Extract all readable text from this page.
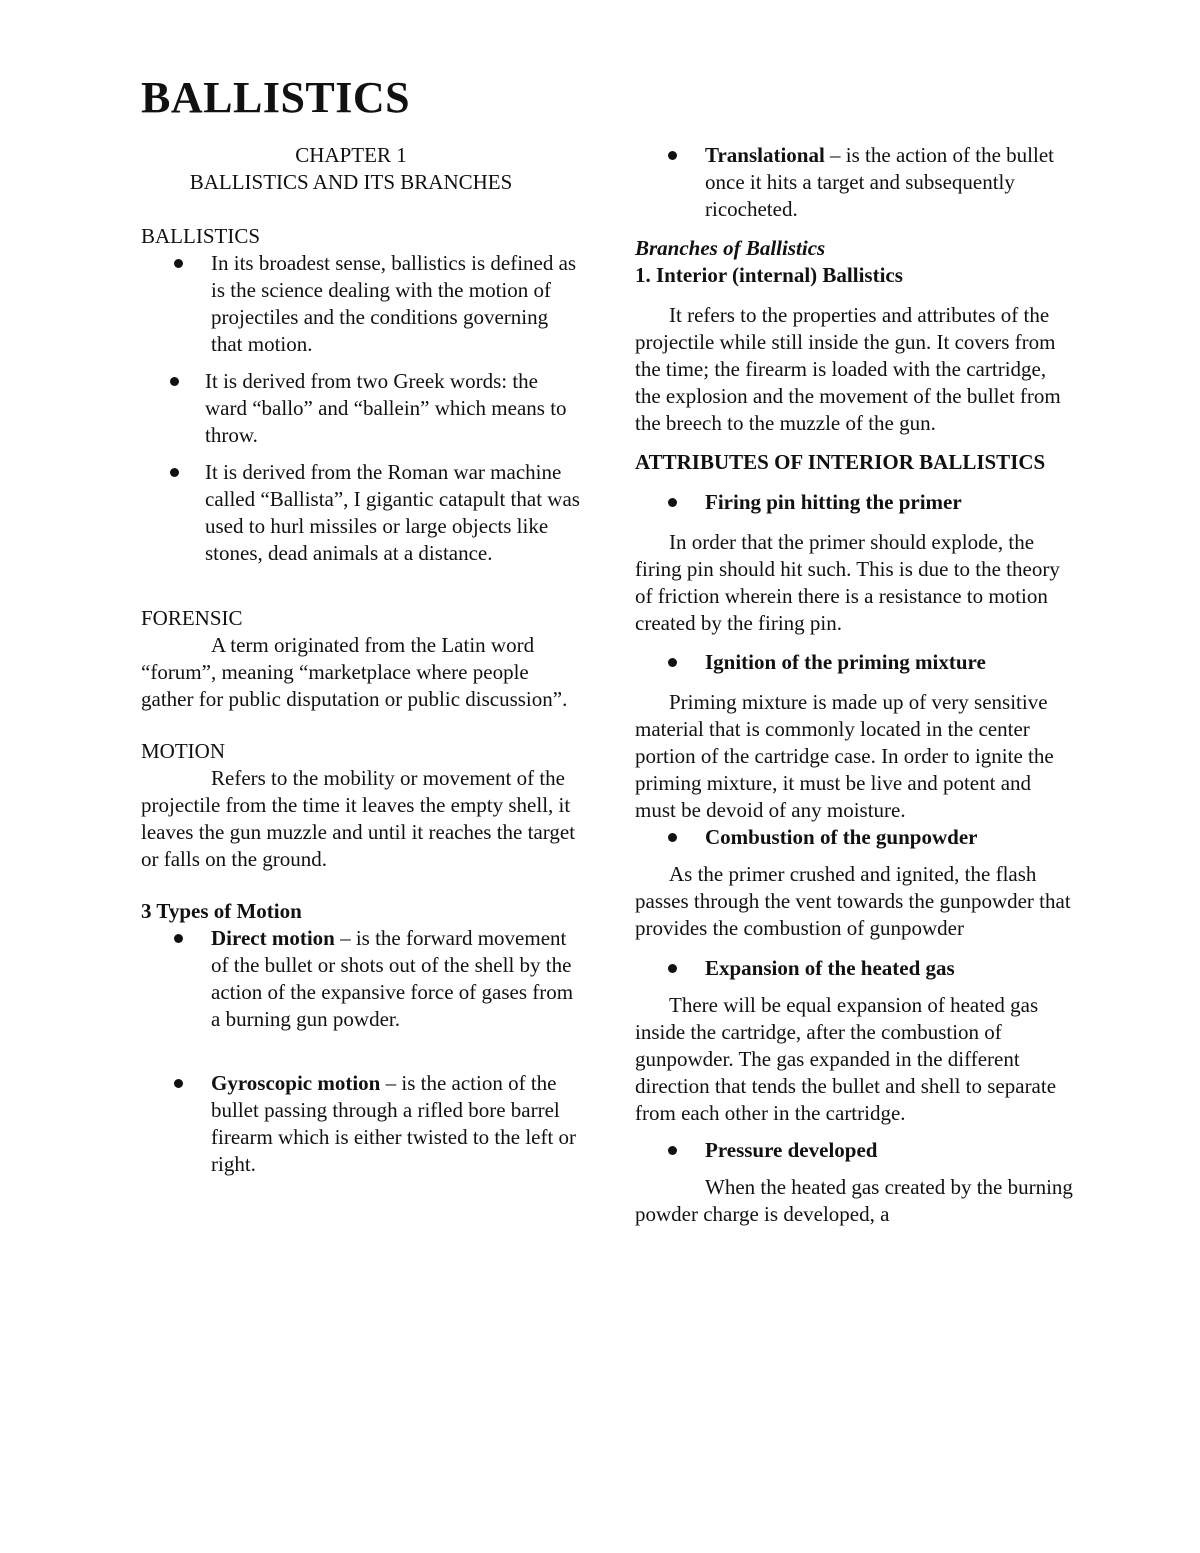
BALLISTICS

CHAPTER 1

BALLISTICS AND ITS BRANCHES

BALLISTICS

In its broadest sense, ballistics is defined as is the science dealing with the motion of projectiles and the conditions governing that motion.
It is derived from two Greek words: the ward “ballo” and “ballein” which means to throw.
It is derived from the Roman war machine called “Ballista”, I gigantic catapult that was used to hurl missiles or large objects like stones, dead animals at a distance.

FORENSIC

A term originated from the Latin word “forum”, meaning “marketplace where people gather for public disputation or public discussion”.

MOTION

Refers to the mobility or movement of the projectile from the time it leaves the empty shell, it leaves the gun muzzle and until it reaches the target or falls on the ground.

3 Types of Motion

Direct motion – is the forward movement of the bullet or shots out of the shell by the action of the expansive force of gases from a burning gun powder.
Gyroscopic motion – is the action of the bullet passing through a rifled bore barrel firearm which is either twisted to the left or right.
Translational – is the action of the bullet once it hits a target and subsequently ricocheted.

Branches of Ballistics

1. Interior (internal) Ballistics

It refers to the properties and attributes of the projectile while still inside the gun. It covers from the time; the firearm is loaded with the cartridge, the explosion and the movement of the bullet from the breech to the muzzle of the gun.

ATTRIBUTES OF INTERIOR BALLISTICS

Firing pin hitting the primer

In order that the primer should explode, the firing pin should hit such. This is due to the theory of friction wherein there is a resistance to motion created by the firing pin.

Ignition of the priming mixture

Priming mixture is made up of very sensitive material that is commonly located in the center portion of the cartridge case. In order to ignite the priming mixture, it must be live and potent and must be devoid of any moisture.

Combustion of the gunpowder

As the primer crushed and ignited, the flash passes through the vent towards the gunpowder that provides the combustion of gunpowder

Expansion of the heated gas

There will be equal expansion of heated gas inside the cartridge, after the combustion of gunpowder. The gas expanded in the different direction that tends the bullet and shell to separate from each other in the cartridge.

Pressure developed

When the heated gas created by the burning powder charge is developed, a
